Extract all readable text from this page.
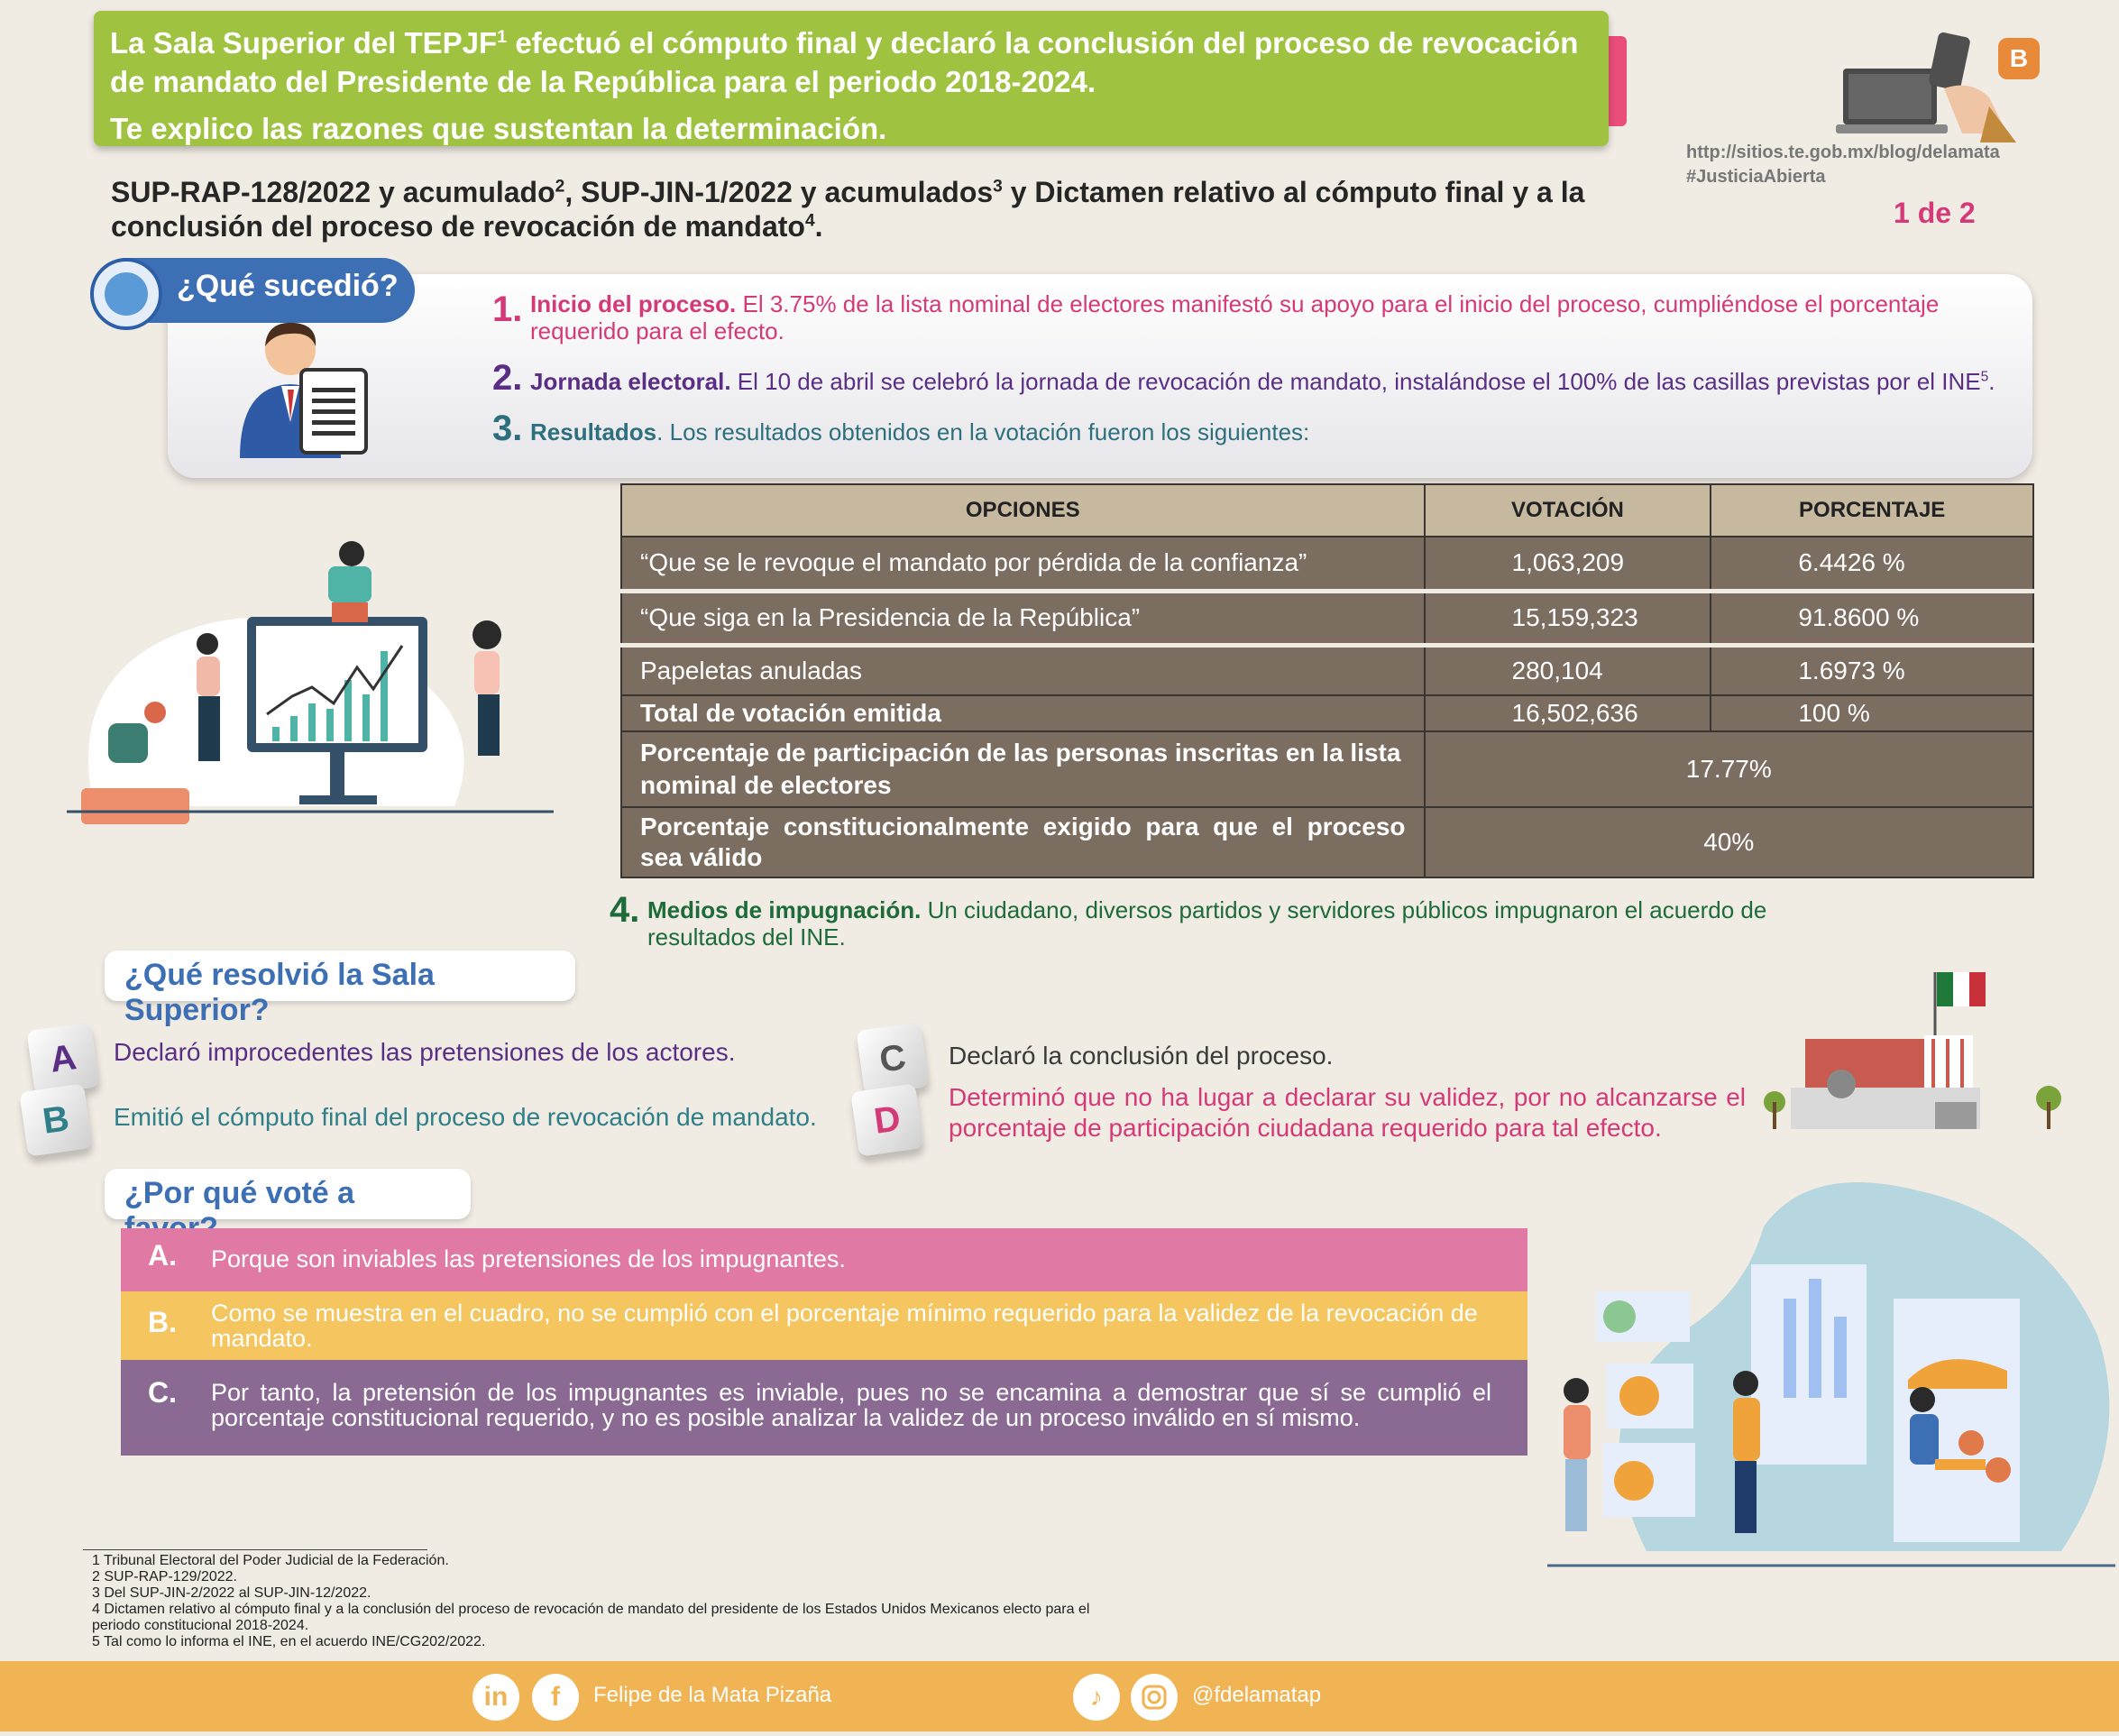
La Sala Superior del TEPJF$^1$ efectuó el cómputo final y declaró la conclusión del proceso de revocación de mandato del Presidente de la República para el periodo 2018-2024.
Te explico las razones que sustentan la determinación.
B
http://sitios.te.gob.mx/blog/delamata
#JusticiaAbierta
1 de 2
SUP-RAP-128/2022 y acumulado$^2$, SUP-JIN-1/2022 y acumulados$^3$ y Dictamen relativo al cómputo final y a la conclusión del proceso de revocación de mandato$^4$.
¿Qué sucedió?
1. Inicio del proceso. El 3.75% de la lista nominal de electores manifestó su apoyo para el inicio del proceso, cumpliéndose el porcentaje requerido para el efecto.
2. Jornada electoral. El 10 de abril se celebró la jornada de revocación de mandato, instalándose el 100% de las casillas previstas por el INE$^5$.
3. Resultados. Los resultados obtenidos en la votación fueron los siguientes:
OPCIONES	VOTACIÓN	PORCENTAJE
“Que se le revoque el mandato por pérdida de la confianza”	1,063,209	6.4426 %
“Que siga en la Presidencia de la República”	15,159,323	91.8600 %
Papeletas anuladas	280,104	1.6973 %
Total de votación emitida	16,502,636	100 %
Porcentaje de participación de las personas inscritas en la lista nominal de electores	17.77%	
Porcentaje constitucionalmente exigido para que el proceso sea válido	40%	
4. Medios de impugnación. Un ciudadano, diversos partidos y servidores públicos impugnaron el acuerdo de resultados del INE.
¿Qué resolvió la Sala Superior?
A
B
Declaró improcedentes las pretensiones de los actores.
Emitió el cómputo final del proceso de revocación de mandato.
C
D
Declaró la conclusión del proceso.
Determinó que no ha lugar a declarar su validez, por no alcanzarse el porcentaje de participación ciudadana requerido para tal efecto.
¿Por qué voté a
A. Porque son inviables las pretensiones de los impugnantes.
B. Como se muestra en el cuadro, no se cumplió con el porcentaje mínimo requerido para la validez de la revocación de mandato.
C. Por tanto, la pretensión de los impugnantes es inviable, pues no se encamina a demostrar que sí se cumplió el porcentaje constitucional requerido, y no es posible analizar la validez de un proceso inválido en sí mismo.
1 Tribunal Electoral del Poder Judicial de la Federación.
2 SUP-RAP-129/2022.
3 Del SUP-JIN-2/2022 al SUP-JIN-12/2022.
4 Dictamen relativo al cómputo final y a la conclusión del proceso de revocación de mandato del presidente de los Estados Unidos Mexicanos electo para el
periodo constitucional 2018-2024.
5 Tal como lo informa el INE, en el acuerdo INE/CG202/2022.
in	f	Felipe de la Mata Pizaña	♪	@fdelamatap
